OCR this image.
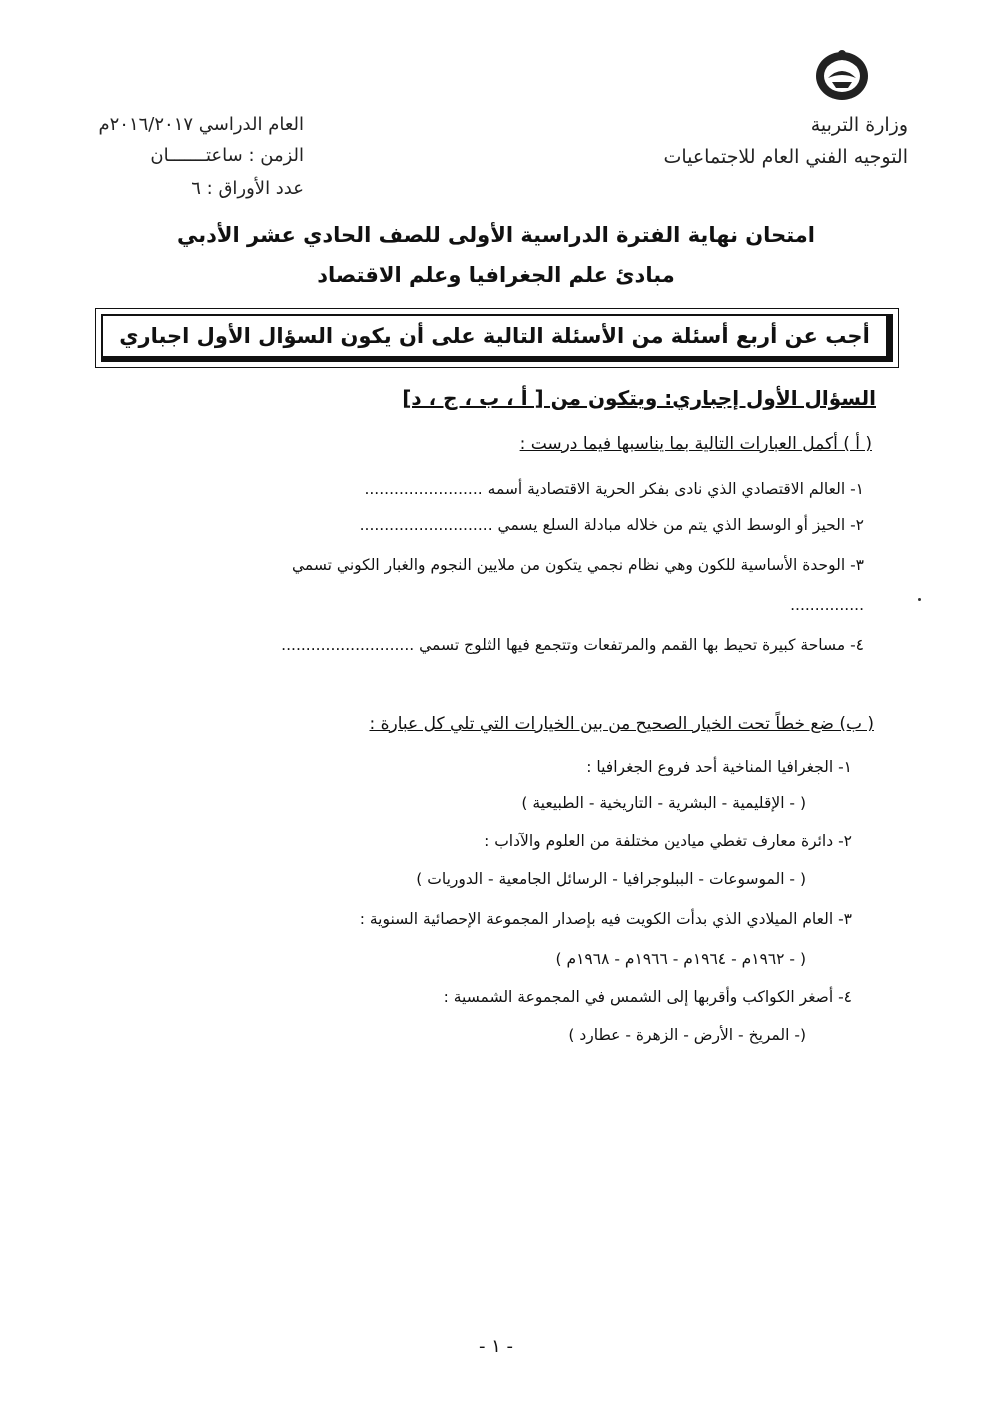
وزارة التربية
التوجيه الفني العام للاجتماعيات
العام الدراسي ٢٠١٦/٢٠١٧م
الزمن : ساعتـــــــان
عدد الأوراق : ٦
امتحان نهاية الفترة الدراسية الأولى للصف الحادي عشر الأدبي
مبادئ علم الجغرافيا وعلم الاقتصاد
أجب عن أربع أسئلة من الأسئلة التالية على أن يكون السؤال الأول اجباري
السؤال الأول إجباري: ويتكون من [ أ ، ب ، ج ، د]
( أ ) أكمل العبارات التالية بما يناسبها فيما درست :
١- العالم الاقتصادي الذي نادى بفكر الحرية الاقتصادية أسمه ........................
٢- الحيز أو الوسط الذي يتم من خلاله مبادلة السلع يسمي ...........................
٣- الوحدة الأساسية للكون وهي نظام نجمي يتكون من ملايين النجوم والغبار الكوني تسمي
...............
٤- مساحة كبيرة تحيط بها القمم والمرتفعات وتتجمع فيها الثلوج تسمي ...........................
( ب) ضع خطاً تحت الخيار الصحيح من بين الخيارات التي تلي كل عبارة :
١- الجغرافيا المناخية أحد فروع الجغرافيا :
( - الإقليمية - البشرية - التاريخية - الطبيعية )
٢- دائرة معارف تغطي ميادين مختلفة من العلوم والآداب :
( - الموسوعات - الببلوجرافيا - الرسائل الجامعية - الدوريات )
٣- العام الميلادي الذي بدأت الكويت فيه بإصدار المجموعة الإحصائية السنوية :
( - ١٩٦٢م - ١٩٦٤م - ١٩٦٦م - ١٩٦٨م )
٤- أصغر الكواكب وأقربها إلى الشمس في المجموعة الشمسية :
(- المريخ - الأرض - الزهرة - عطارد )
- ١ -
